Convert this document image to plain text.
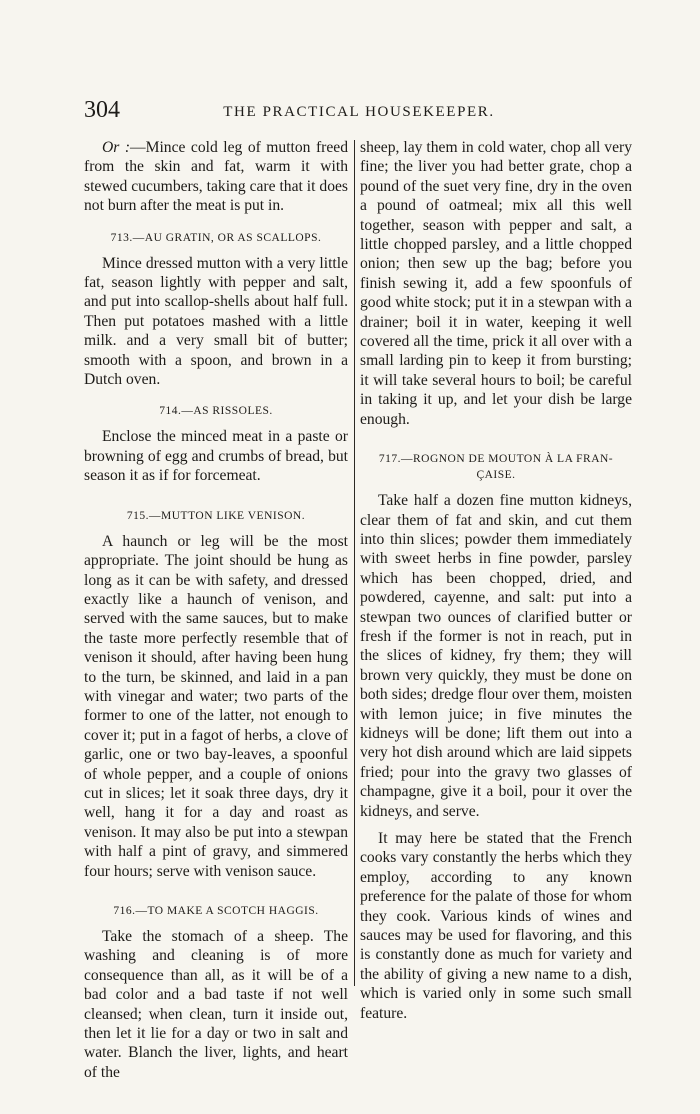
304	THE PRACTICAL HOUSEKEEPER.

Or :—Mince cold leg of mutton freed from the skin and fat, warm it with stewed cucumbers, taking care that it does not burn after the meat is put in.

713.—AU GRATIN, OR AS SCALLOPS.

Mince dressed mutton with a very little fat, season lightly with pepper and salt, and put into scallop-shells about half full. Then put potatoes mashed with a little milk. and a very small bit of butter; smooth with a spoon, and brown in a Dutch oven.

714.—AS RISSOLES.

Enclose the minced meat in a paste or browning of egg and crumbs of bread, but season it as if for forcemeat.

715.—MUTTON LIKE VENISON.

A haunch or leg will be the most appropriate. The joint should be hung as long as it can be with safety, and dressed exactly like a haunch of venison, and served with the same sauces, but to make the taste more perfectly resemble that of venison it should, after having been hung to the turn, be skinned, and laid in a pan with vinegar and water; two parts of the former to one of the latter, not enough to cover it; put in a fagot of herbs, a clove of garlic, one or two bay-leaves, a spoonful of whole pepper, and a couple of onions cut in slices; let it soak three days, dry it well, hang it for a day and roast as venison. It may also be put into a stewpan with half a pint of gravy, and simmered four hours; serve with venison sauce.

716.—TO MAKE A SCOTCH HAGGIS.

Take the stomach of a sheep. The washing and cleaning is of more consequence than all, as it will be of a bad color and a bad taste if not well cleansed; when clean, turn it inside out, then let it lie for a day or two in salt and water. Blanch the liver, lights, and heart of the

sheep, lay them in cold water, chop all very fine; the liver you had better grate, chop a pound of the suet very fine, dry in the oven a pound of oatmeal; mix all this well together, season with pepper and salt, a little chopped parsley, and a little chopped onion; then sew up the bag; before you finish sewing it, add a few spoonfuls of good white stock; put it in a stewpan with a drainer; boil it in water, keeping it well covered all the time, prick it all over with a small larding pin to keep it from bursting; it will take several hours to boil; be careful in taking it up, and let your dish be large enough.

717.—ROGNON DE MOUTON À LA FRAN-
ÇAISE.

Take half a dozen fine mutton kidneys, clear them of fat and skin, and cut them into thin slices; powder them immediately with sweet herbs in fine powder, parsley which has been chopped, dried, and powdered, cayenne, and salt: put into a stewpan two ounces of clarified butter or fresh if the former is not in reach, put in the slices of kidney, fry them; they will brown very quickly, they must be done on both sides; dredge flour over them, moisten with lemon juice; in five minutes the kidneys will be done; lift them out into a very hot dish around which are laid sippets fried; pour into the gravy two glasses of champagne, give it a boil, pour it over the kidneys, and serve.

It may here be stated that the French cooks vary constantly the herbs which they employ, according to any known preference for the palate of those for whom they cook. Various kinds of wines and sauces may be used for flavoring, and this is constantly done as much for variety and the ability of giving a new name to a dish, which is varied only in some such small feature.
